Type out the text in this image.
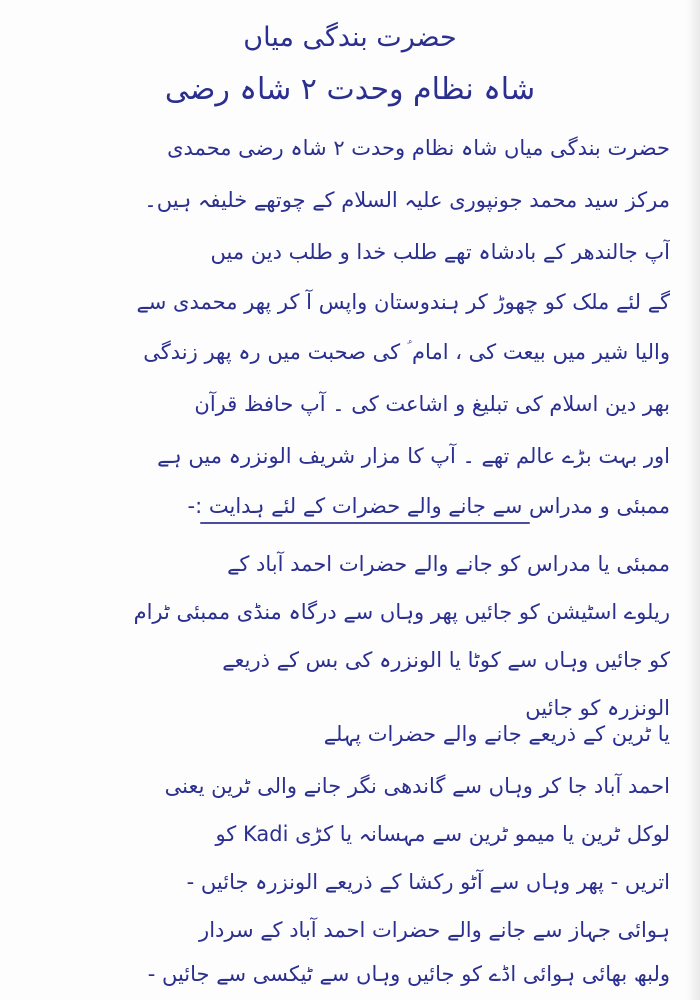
حضرت بندگی میاں
شاہ نظام وحدت ۲ شاہ رضی
حضرت بندگی میاں شاہ نظام وحدت ۲ شاہ رضی محمدی
مرکز سید محمد جونپوری علیہ السلام کے چوتھے خلیفہ ہیں۔
آپ جالندھر کے بادشاہ تھے طلب خدا و طلب دین میں
گے لئے ملک کو چھوڑ کر ہندوستان واپس آ کر پھر محمدی سے
والیا شیر میں بیعت کی ، امام ؑ کی صحبت میں رہ پھر زندگی
بھر دین اسلام کی تبلیغ و اشاعت کی ۔ آپ حافظ قرآن
اور بہت بڑے عالم تھے ۔ آپ کا مزار شریف الونزرہ میں ہے
ممبئی و مدراس سے جانے والے حضرات کے لئے ہدایت :-
ممبئی یا مدراس کو جانے والے حضرات احمد آباد کے
ریلوے اسٹیشن کو جائیں پھر وہاں سے درگاہ منڈی ممبئی ٹرام
کو جائیں وہاں سے کوٹا یا الونزرہ کی بس کے ذریعے
الونزرہ کو جائیں
یا ٹرین کے ذریعے جانے والے حضرات پہلے
احمد آباد جا کر وہاں سے گاندھی نگر جانے والی ٹرین یعنی
لوکل ٹرین یا میمو ٹرین سے مہسانہ یا کڑی Kadi کو
اتریں - پھر وہاں سے آٹو رکشا کے ذریعے الونزرہ جائیں -
ہوائی جہاز سے جانے والے حضرات احمد آباد کے سردار
ولبھ بھائی ہوائی اڈے کو جائیں وہاں سے ٹیکسی سے جائیں -
